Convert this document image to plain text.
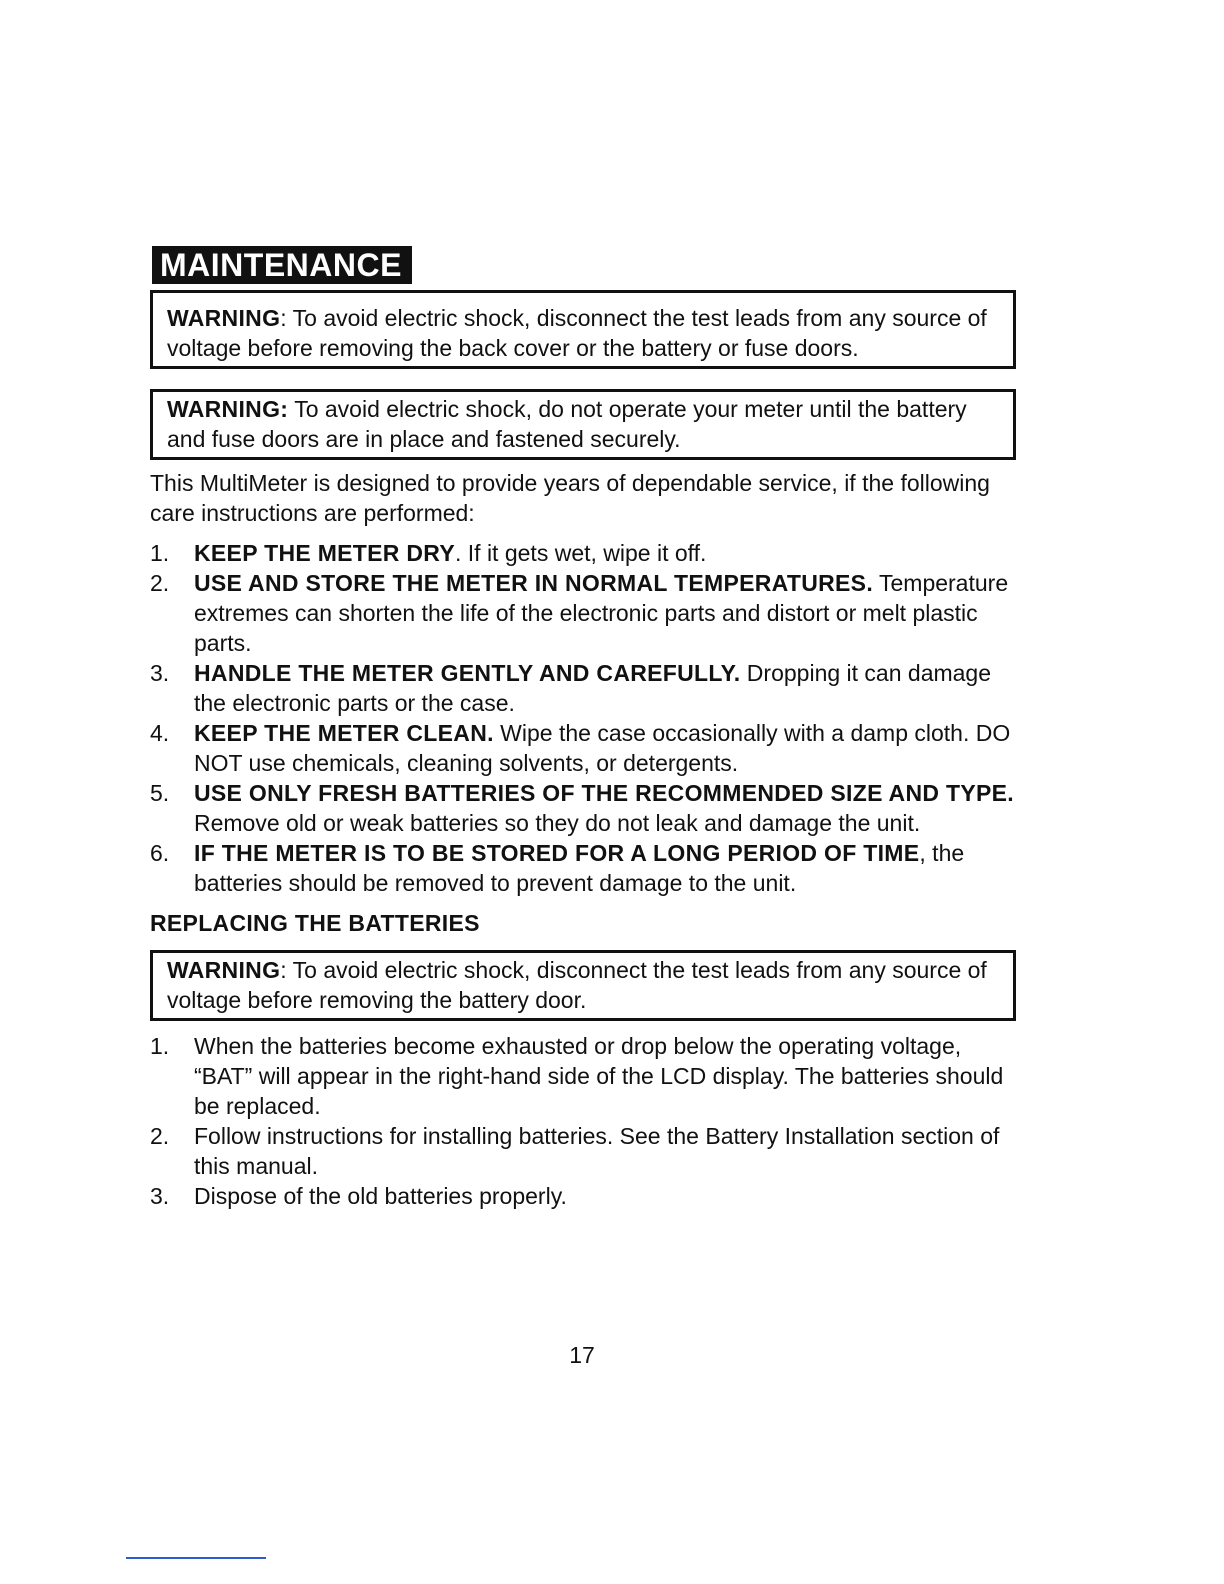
MAINTENANCE
WARNING: To avoid electric shock, disconnect the test leads from any source of voltage before removing the back cover or the battery or fuse doors.
WARNING: To avoid electric shock, do not operate your meter until the battery and fuse doors are in place and fastened securely.

This MultiMeter is designed to provide years of dependable service, if the following care instructions are performed:

1. KEEP THE METER DRY. If it gets wet, wipe it off.
2. USE AND STORE THE METER IN NORMAL TEMPERATURES. Temperature extremes can shorten the life of the electronic parts and distort or melt plastic parts.
3. HANDLE THE METER GENTLY AND CAREFULLY. Dropping it can damage the electronic parts or the case.
4. KEEP THE METER CLEAN. Wipe the case occasionally with a damp cloth. DO NOT use chemicals, cleaning solvents, or detergents.
5. USE ONLY FRESH BATTERIES OF THE RECOMMENDED SIZE AND TYPE. Remove old or weak batteries so they do not leak and damage the unit.
6. IF THE METER IS TO BE STORED FOR A LONG PERIOD OF TIME, the batteries should be removed to prevent damage to the unit.
REPLACING THE BATTERIES
WARNING: To avoid electric shock, disconnect the test leads from any source of voltage before removing the battery door.
1. When the batteries become exhausted or drop below the operating voltage, “BAT” will appear in the right-hand side of the LCD display. The batteries should be replaced.
2. Follow instructions for installing batteries. See the Battery Installation section of this manual.
3. Dispose of the old batteries properly.
17
